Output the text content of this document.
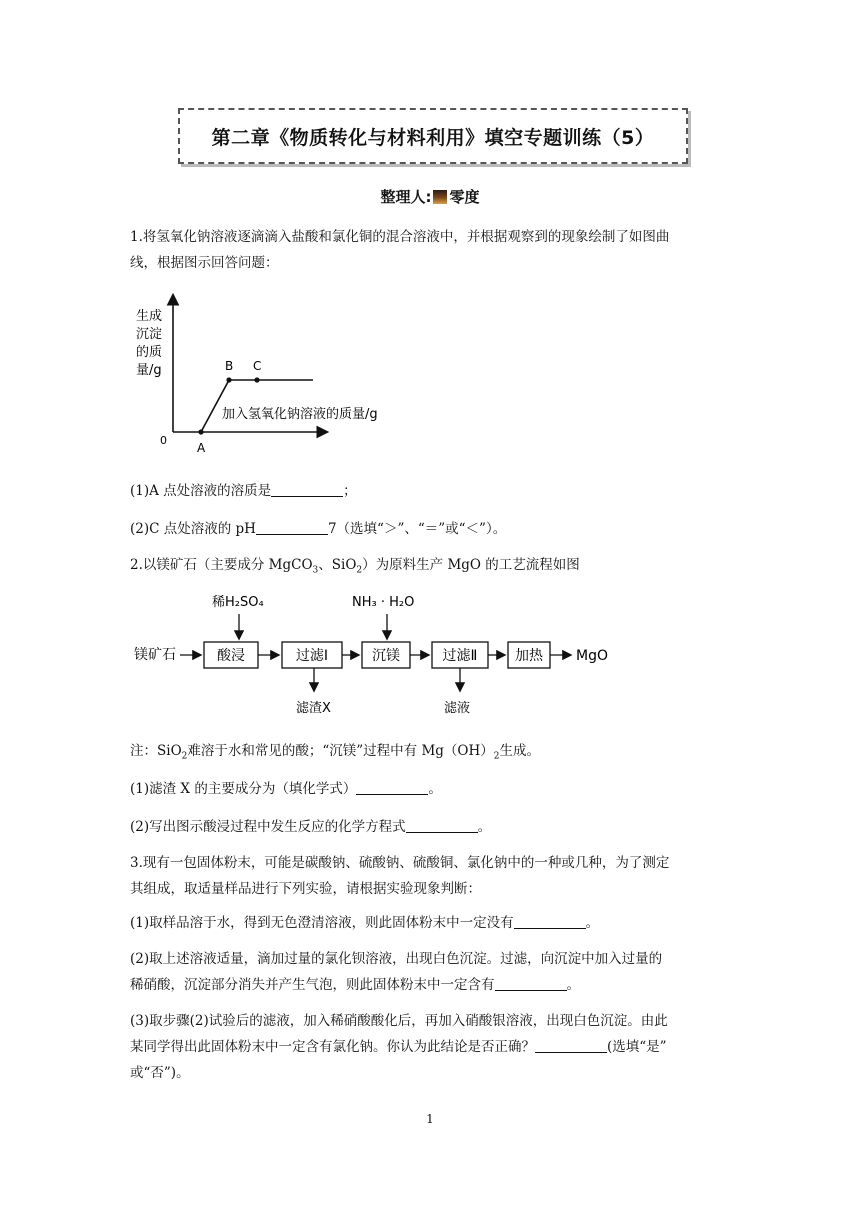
第二章《物质转化与材料利用》填空专题训练（5）
整理人: 零度
1.将氢氧化钠溶液逐滴滴入盐酸和氯化铜的混合溶液中，并根据观察到的现象绘制了如图曲
线，根据图示回答问题：
生成
沉淀
的质
量/g
加入氢氧化钠溶液的质量/g
0
A
B C
(1)A 点处溶液的溶质是	；
(2)C 点处溶液的 pH	7（选填“＞”、“＝”或“＜”）。
2.以镁矿石（主要成分 MgCO$_3$、SiO$_2$）为原料生产 MgO 的工艺流程如图
镁矿石
稀H₂SO₄
酸浸	过滤Ⅰ
滤渣X
NH₃ · H₂O
沉镁	过滤Ⅱ
滤液
加热 MgO
注：SiO$_2$难溶于水和常见的酸；“沉镁”过程中有 $Mg(OH)_2$生成。
(1)滤渣 X 的主要成分为（填化学式）	。
(2)写出图示酸浸过程中发生反应的化学方程式	。
3.现有一包固体粉末，可能是碳酸钠、硫酸钠、硫酸铜、氯化钠中的一种或几种，为了测定
其组成，取适量样品进行下列实验，请根据实验现象判断：
(1)取样品溶于水，得到无色澄清溶液，则此固体粉末中一定没有	。
(2)取上述溶液适量，滴加过量的氯化钡溶液，出现白色沉淀。过滤，向沉淀中加入过量的
稀硝酸，沉淀部分消失并产生气泡，则此固体粉末中一定含有	。
(3)取步骤(2)试验后的滤液，加入稀硝酸酸化后，再加入硝酸银溶液，出现白色沉淀。由此
某同学得出此固体粉末中一定含有氯化钠。你认为此结论是否正确？	(选填“是”
或“否”)。
1
